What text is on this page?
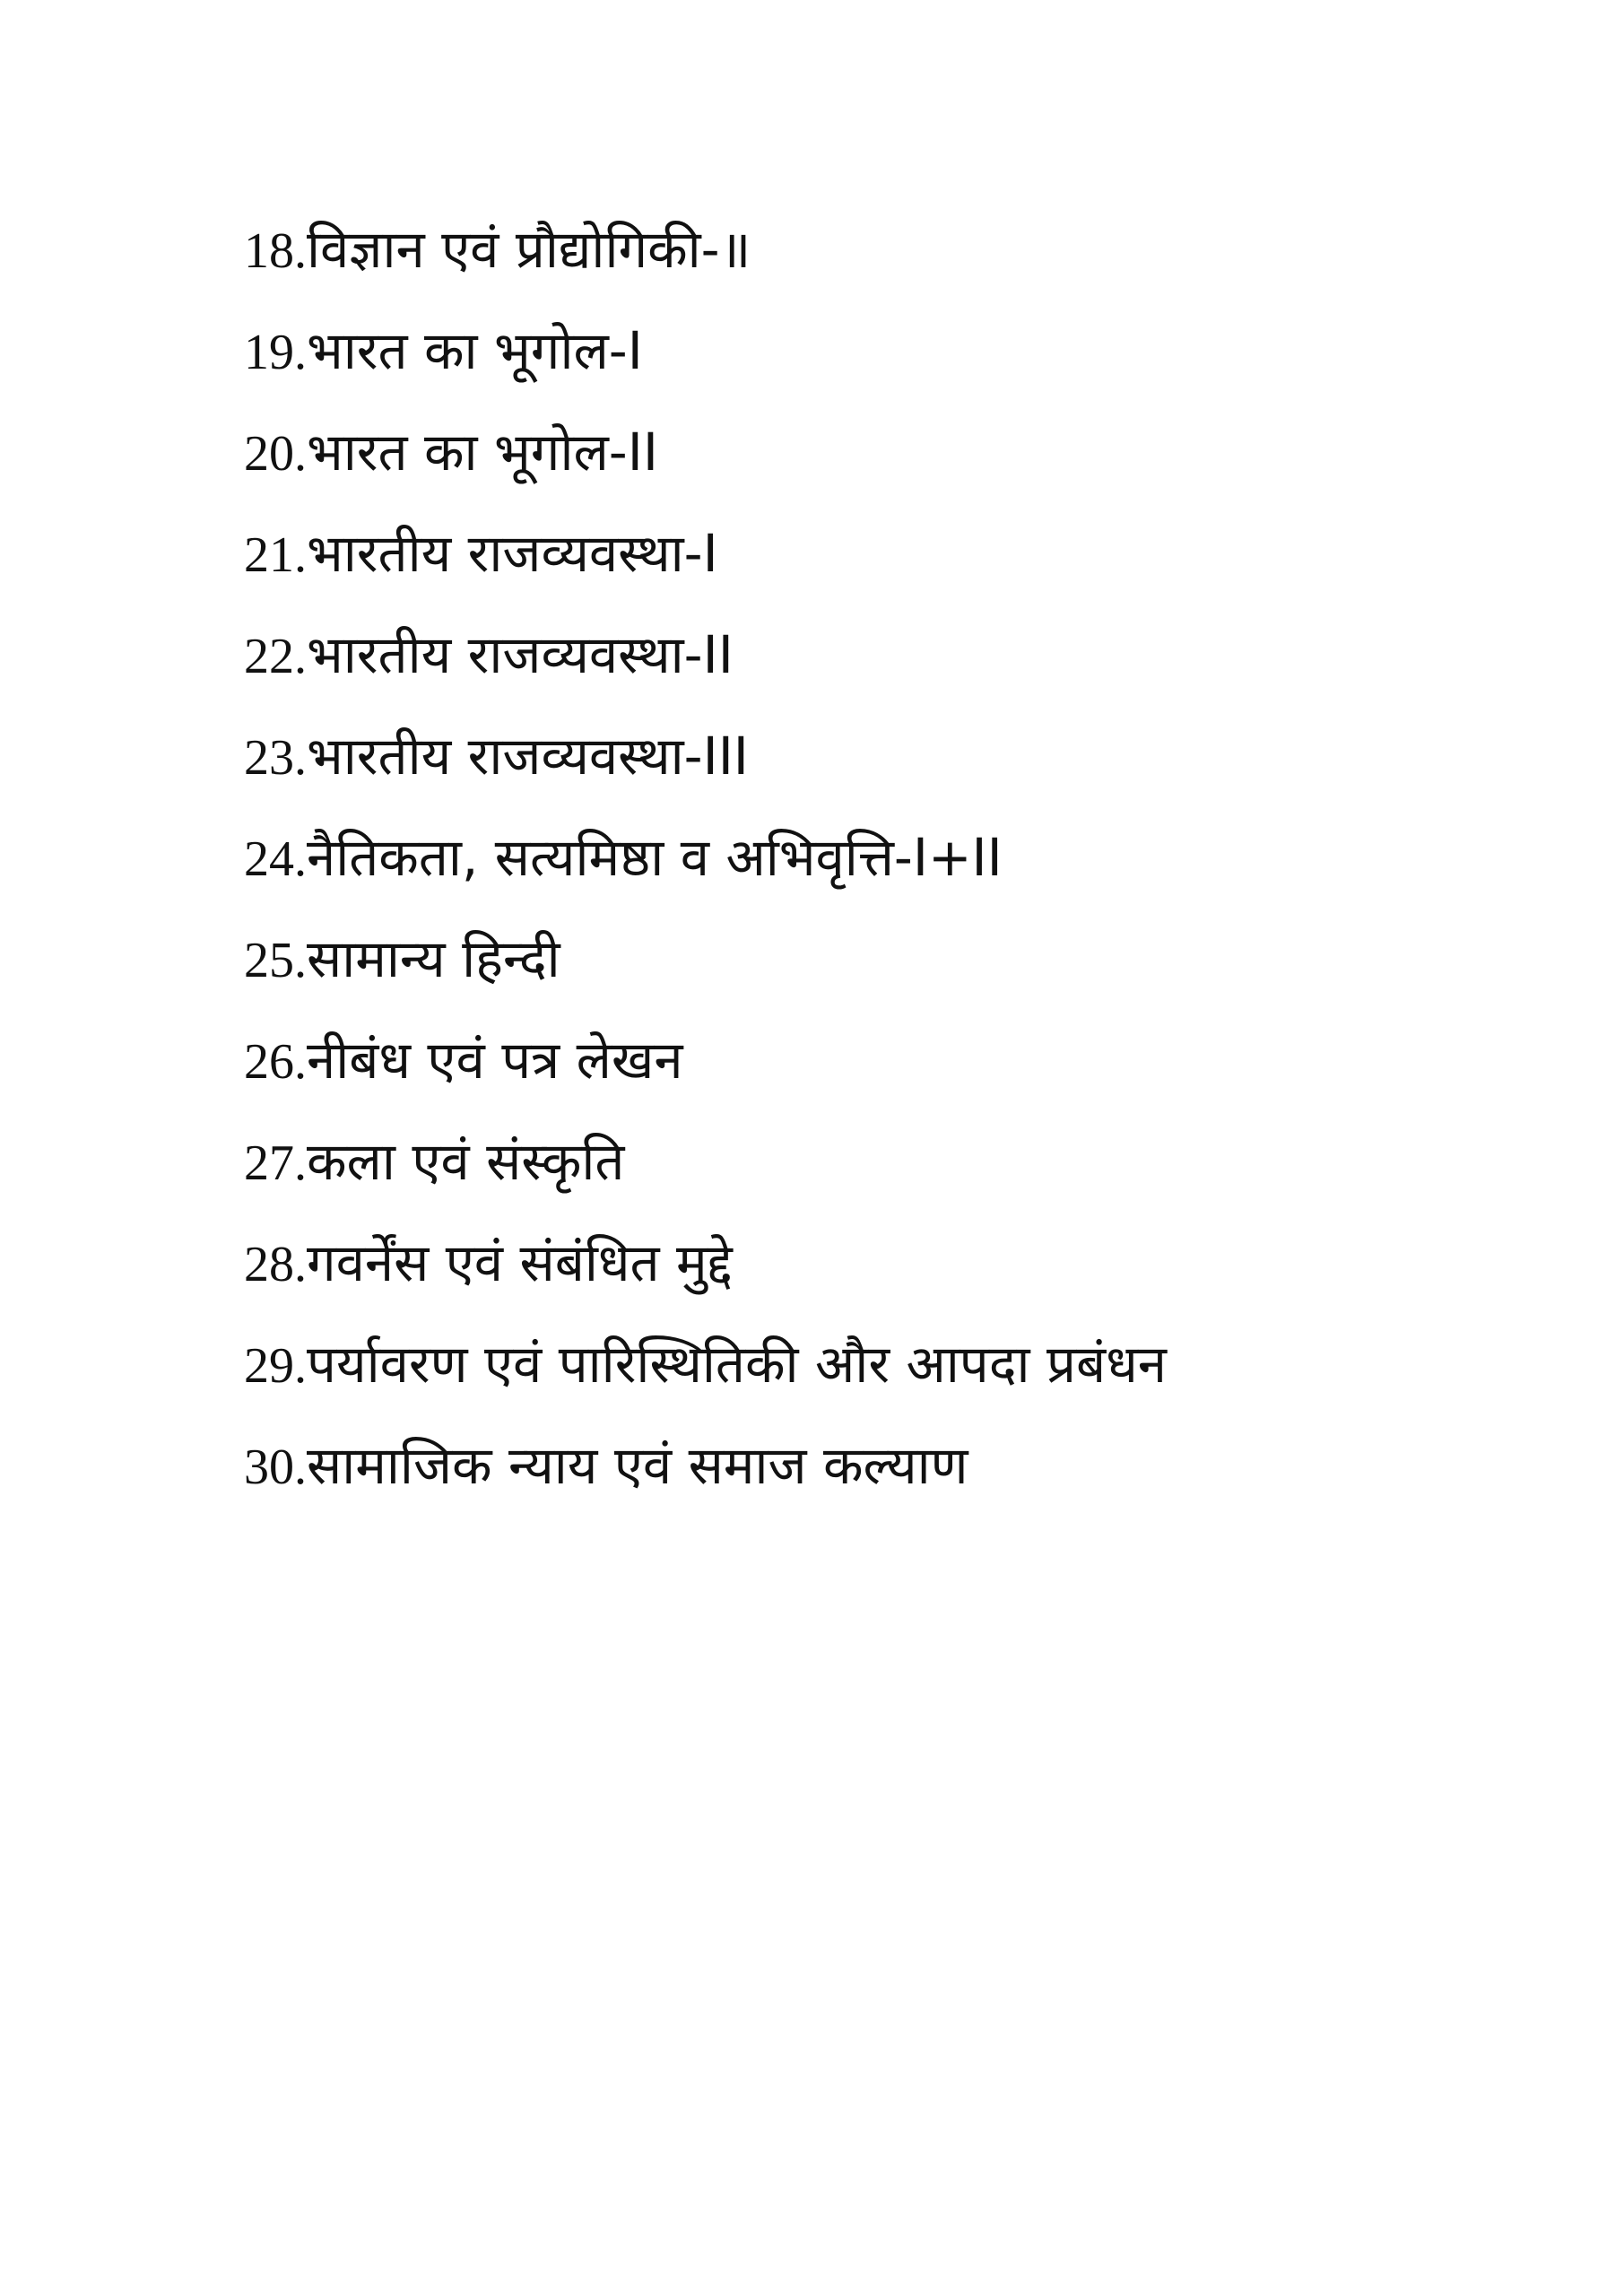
18.विज्ञान एवं प्रौद्योगिकी-॥
19.भारत का भूगोल-I
20.भारत का भूगोल-II
21.भारतीय राजव्यवस्था-I
22.भारतीय राजव्यवस्था-II
23.भारतीय राजव्यवस्था-III
24.नैतिकता, सत्यमिष्ठा व अभिवृत्ति-I+II
25.सामान्य हिन्दी
26.नीबंध एवं पत्र लेखन
27.कला एवं संस्कृति
28.गवर्नेंस एवं संबंधित मुद्दे
29.पर्यावरण एवं पारिस्थितिकी और आपदा प्रबंधन
30.सामाजिक न्याय एवं समाज कल्याण
